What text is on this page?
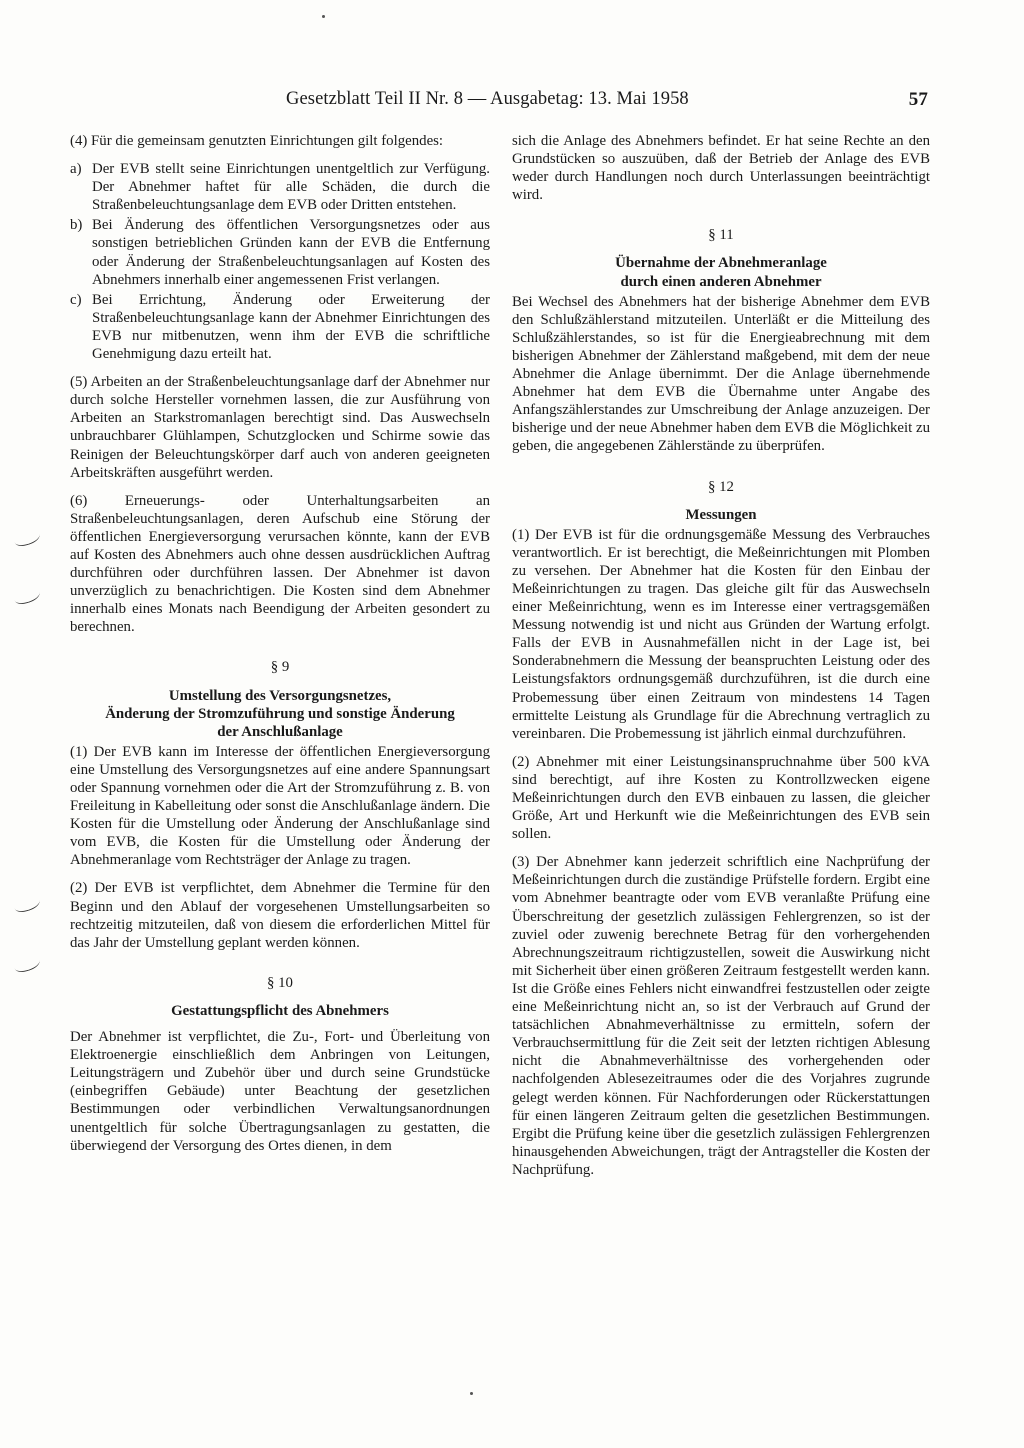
Gesetzblatt Teil II Nr. 8 — Ausgabetag: 13. Mai 1958	57

(4) Für die gemeinsam genutzten Einrichtungen gilt folgendes:

a) Der EVB stellt seine Einrichtungen unentgeltlich zur Verfügung. Der Abnehmer haftet für alle Schäden, die durch die Straßenbeleuchtungsanlage dem EVB oder Dritten entstehen.
b) Bei Änderung des öffentlichen Versorgungsnetzes oder aus sonstigen betrieblichen Gründen kann der EVB die Entfernung oder Änderung der Straßenbeleuchtungsanlagen auf Kosten des Abnehmers innerhalb einer angemessenen Frist verlangen.
c) Bei Errichtung, Änderung oder Erweiterung der Straßenbeleuchtungsanlage kann der Abnehmer Einrichtungen des EVB nur mitbenutzen, wenn ihm der EVB die schriftliche Genehmigung dazu erteilt hat.

(5) Arbeiten an der Straßenbeleuchtungsanlage darf der Abnehmer nur durch solche Hersteller vornehmen lassen, die zur Ausführung von Arbeiten an Starkstromanlagen berechtigt sind. Das Auswechseln unbrauchbarer Glühlampen, Schutzglocken und Schirme sowie das Reinigen der Beleuchtungskörper darf auch von anderen geeigneten Arbeitskräften ausgeführt werden.

(6) Erneuerungs- oder Unterhaltungsarbeiten an Straßenbeleuchtungsanlagen, deren Aufschub eine Störung der öffentlichen Energieversorgung verursachen könnte, kann der EVB auf Kosten des Abnehmers auch ohne dessen ausdrücklichen Auftrag durchführen oder durchführen lassen. Der Abnehmer ist davon unverzüglich zu benachrichtigen. Die Kosten sind dem Abnehmer innerhalb eines Monats nach Beendigung der Arbeiten gesondert zu berechnen.

§ 9
Umstellung des Versorgungsnetzes,
Änderung der Stromzuführung und sonstige Änderung
der Anschlußanlage

(1) Der EVB kann im Interesse der öffentlichen Energieversorgung eine Umstellung des Versorgungsnetzes auf eine andere Spannungsart oder Spannung vornehmen oder die Art der Stromzuführung z. B. von Freileitung in Kabelleitung oder sonst die Anschlußanlage ändern. Die Kosten für die Umstellung oder Änderung der Anschlußanlage sind vom EVB, die Kosten für die Umstellung oder Änderung der Abnehmeranlage vom Rechtsträger der Anlage zu tragen.

(2) Der EVB ist verpflichtet, dem Abnehmer die Termine für den Beginn und den Ablauf der vorgesehenen Umstellungsarbeiten so rechtzeitig mitzuteilen, daß von diesem die erforderlichen Mittel für das Jahr der Umstellung geplant werden können.

§ 10
Gestattungspflicht des Abnehmers

Der Abnehmer ist verpflichtet, die Zu-, Fort- und Überleitung von Elektroenergie einschließlich dem Anbringen von Leitungen, Leitungsträgern und Zubehör über und durch seine Grundstücke (einbegriffen Gebäude) unter Beachtung der gesetzlichen Bestimmungen oder verbindlichen Verwaltungsanordnungen unentgeltlich für solche Übertragungsanlagen zu gestatten, die überwiegend der Versorgung des Ortes dienen, in dem

sich die Anlage des Abnehmers befindet. Er hat seine Rechte an den Grundstücken so auszuüben, daß der Betrieb der Anlage des EVB weder durch Handlungen noch durch Unterlassungen beeinträchtigt wird.

§ 11
Übernahme der Abnehmeranlage
durch einen anderen Abnehmer

Bei Wechsel des Abnehmers hat der bisherige Abnehmer dem EVB den Schlußzählerstand mitzuteilen. Unterläßt er die Mitteilung des Schlußzählerstandes, so ist für die Energieabrechnung mit dem bisherigen Abnehmer der Zählerstand maßgebend, mit dem der neue Abnehmer die Anlage übernimmt. Der die Anlage übernehmende Abnehmer hat dem EVB die Übernahme unter Angabe des Anfangszählerstandes zur Umschreibung der Anlage anzuzeigen. Der bisherige und der neue Abnehmer haben dem EVB die Möglichkeit zu geben, die angegebenen Zählerstände zu überprüfen.

§ 12
Messungen

(1) Der EVB ist für die ordnungsgemäße Messung des Verbrauches verantwortlich. Er ist berechtigt, die Meßeinrichtungen mit Plomben zu versehen. Der Abnehmer hat die Kosten für den Einbau der Meßeinrichtungen zu tragen. Das gleiche gilt für das Auswechseln einer Meßeinrichtung, wenn es im Interesse einer vertragsgemäßen Messung notwendig ist und nicht aus Gründen der Wartung erfolgt. Falls der EVB in Ausnahmefällen nicht in der Lage ist, bei Sonderabnehmern die Messung der beanspruchten Leistung oder des Leistungsfaktors ordnungsgemäß durchzuführen, ist die durch eine Probemessung über einen Zeitraum von mindestens 14 Tagen ermittelte Leistung als Grundlage für die Abrechnung vertraglich zu vereinbaren. Die Probemessung ist jährlich einmal durchzuführen.

(2) Abnehmer mit einer Leistungsinanspruchnahme über 500 kVA sind berechtigt, auf ihre Kosten zu Kontrollzwecken eigene Meßeinrichtungen durch den EVB einbauen zu lassen, die gleicher Größe, Art und Herkunft wie die Meßeinrichtungen des EVB sein sollen.

(3) Der Abnehmer kann jederzeit schriftlich eine Nachprüfung der Meßeinrichtungen durch die zuständige Prüfstelle fordern. Ergibt eine vom Abnehmer beantragte oder vom EVB veranlaßte Prüfung eine Überschreitung der gesetzlich zulässigen Fehlergrenzen, so ist der zuviel oder zuwenig berechnete Betrag für den vorhergehenden Abrechnungszeitraum richtigzustellen, soweit die Auswirkung nicht mit Sicherheit über einen größeren Zeitraum festgestellt werden kann. Ist die Größe eines Fehlers nicht einwandfrei festzustellen oder zeigte eine Meßeinrichtung nicht an, so ist der Verbrauch auf Grund der tatsächlichen Abnahmeverhältnisse zu ermitteln, sofern der Verbrauchsermittlung für die Zeit seit der letzten richtigen Ablesung nicht die Abnahmeverhältnisse des vorhergehenden oder nachfolgenden Ablesezeitraumes oder die des Vorjahres zugrunde gelegt werden können. Für Nachforderungen oder Rückerstattungen für einen längeren Zeitraum gelten die gesetzlichen Bestimmungen. Ergibt die Prüfung keine über die gesetzlich zulässigen Fehlergrenzen hinausgehenden Abweichungen, trägt der Antragsteller die Kosten der Nachprüfung.
